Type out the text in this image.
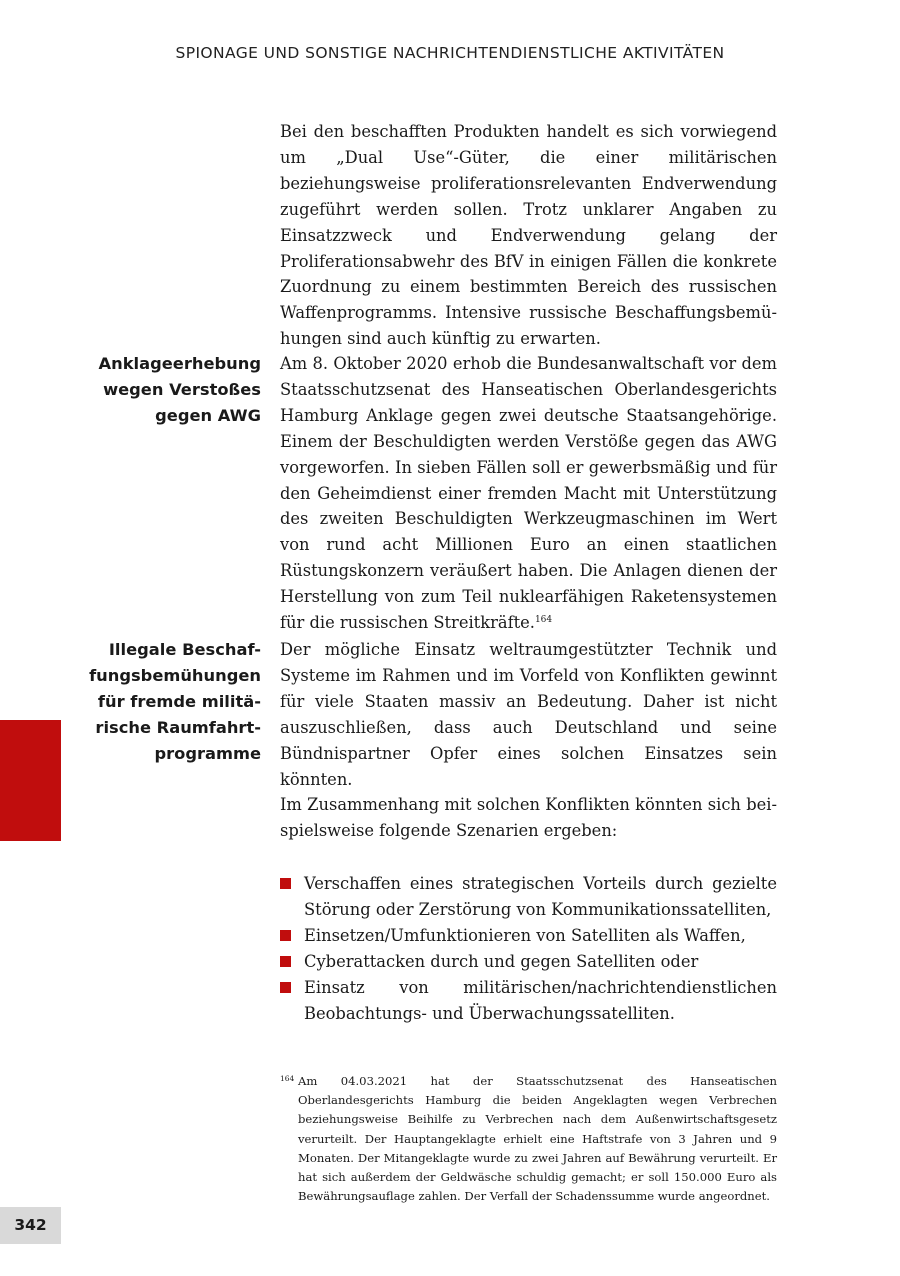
SPIONAGE UND SONSTIGE NACHRICHTENDIENSTLICHE AKTIVITÄTEN

Bei den beschafften Produkten handelt es sich vorwiegend um „Dual Use“-Güter, die einer militärischen beziehungsweise proliferationsrelevanten Endverwendung zugeführt werden sollen. Trotz unklarer Angaben zu Einsatzzweck und Endverwendung gelang der Proliferationsabwehr des BfV in einigen Fällen die konkrete Zuordnung zu einem bestimmten Bereich des russischen Waffenprogramms. Intensive russische Beschaffungsbemühungen sind auch künftig zu erwarten.

Anklageerhebung
wegen Verstoßes
gegen AWG

Am 8. Oktober 2020 erhob die Bundesanwaltschaft vor dem Staatsschutzsenat des Hanseatischen Oberlandesgerichts Hamburg Anklage gegen zwei deutsche Staatsangehörige. Einem der Beschuldigten werden Verstöße gegen das AWG vorgeworfen. In sieben Fällen soll er gewerbsmäßig und für den Geheimdienst einer fremden Macht mit Unterstützung des zweiten Beschuldigten Werkzeugmaschinen im Wert von rund acht Millionen Euro an einen staatlichen Rüstungskonzern veräußert haben. Die Anlagen dienen der Herstellung von zum Teil nuklearfähigen Raketensystemen für die russischen Streitkräfte.$^{164}$

Illegale Beschaf-
fungsbemühungen
für fremde militä-
rische Raumfahrt-
programme

Der mögliche Einsatz weltraumgestützter Technik und Systeme im Rahmen und im Vorfeld von Konflikten gewinnt für viele Staaten massiv an Bedeutung. Daher ist nicht auszuschließen, dass auch Deutschland und seine Bündnispartner Opfer eines solchen Einsatzes sein könnten.

Im Zusammenhang mit solchen Konflikten könnten sich beispielsweise folgende Szenarien ergeben:

Verschaffen eines strategischen Vorteils durch gezielte Störung oder Zerstörung von Kommunikationssatelliten,
Einsetzen/Umfunktionieren von Satelliten als Waffen,
Cyberattacken durch und gegen Satelliten oder
Einsatz von militärischen/nachrichtendienstlichen Beobachtungs- und Überwachungssatelliten.
164 Am 04.03.2021 hat der Staatsschutzsenat des Hanseatischen Oberlandesgerichts Hamburg die beiden Angeklagten wegen Verbrechen beziehungsweise Beihilfe zu Verbrechen nach dem Außenwirtschaftsgesetz verurteilt. Der Hauptangeklagte erhielt eine Haftstrafe von 3 Jahren und 9 Monaten. Der Mitangeklagte wurde zu zwei Jahren auf Bewährung verurteilt. Er hat sich außerdem der Geldwäsche schuldig gemacht; er soll 150.000 Euro als Bewährungsauflage zahlen. Der Verfall der Schadenssumme wurde angeordnet.
342
